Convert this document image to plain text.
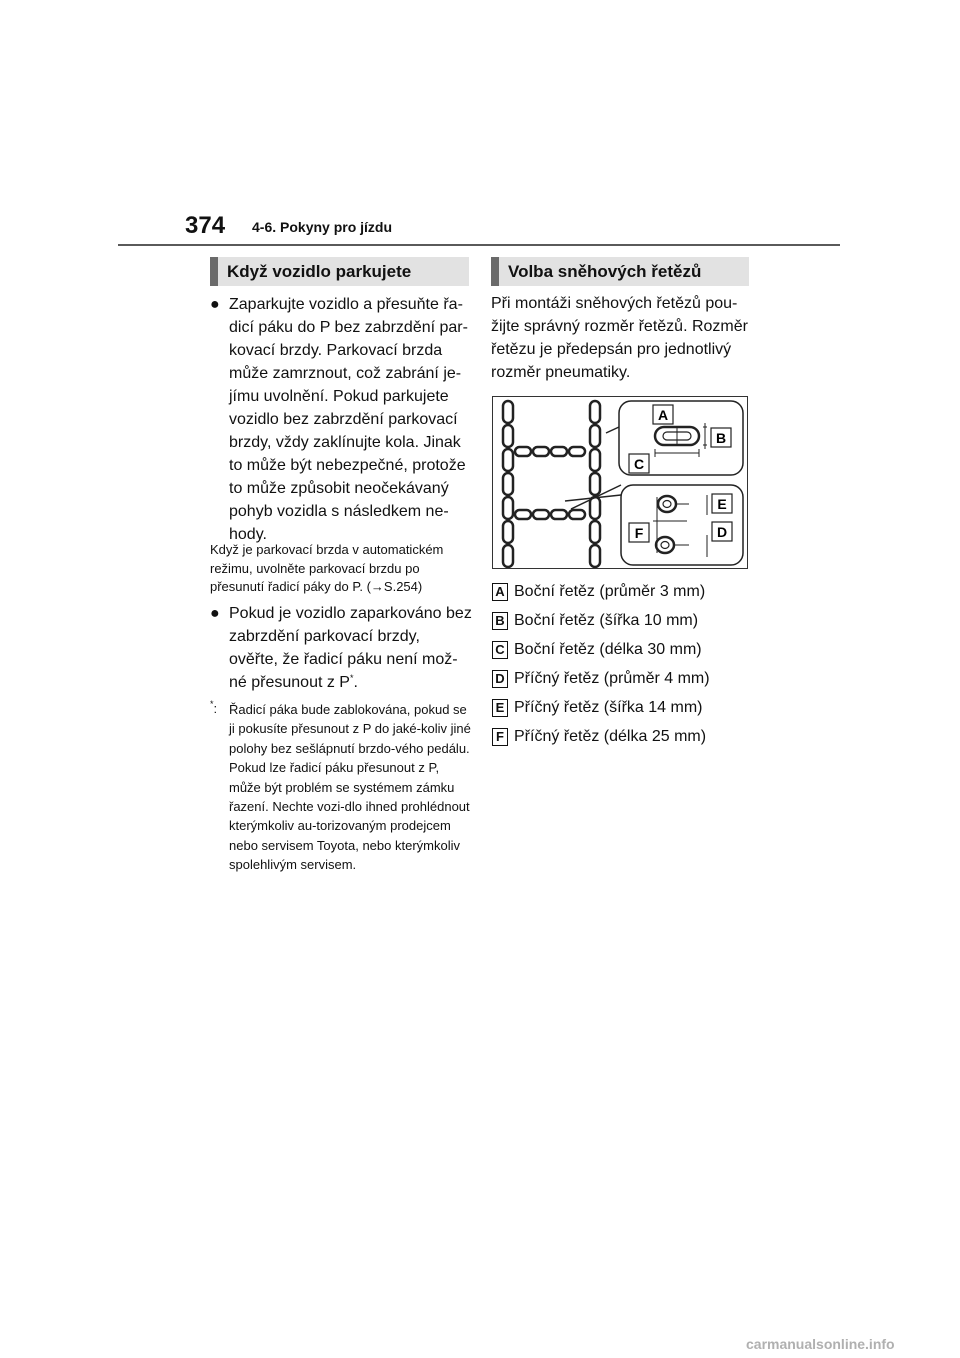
374 4-6. Pokyny pro jízdu
Když vozidlo parkujete
● Zaparkujte vozidlo a přesuňte řa-dicí páku do P bez zabrzdění par-kovací brzdy. Parkovací brzda může zamrznout, což zabrání je-jímu uvolnění. Pokud parkujete vozidlo bez zabrzdění parkovací brzdy, vždy zaklínujte kola. Jinak to může být nebezpečné, protože to může způsobit neočekávaný pohyb vozidla s následkem ne-hody.
Když je parkovací brzda v automatickém režimu, uvolněte parkovací brzdu po přesunutí řadicí páky do P. (→S.254)
● Pokud je vozidlo zaparkováno bez zabrzdění parkovací brzdy, ověřte, že řadicí páku není mož-né přesunout z P*.
*: Řadicí páka bude zablokována, pokud se ji pokusíte přesunout z P do jaké-koliv jiné polohy bez sešlápnutí brzdo-vého pedálu. Pokud lze řadicí páku přesunout z P, může být problém se systémem zámku řazení. Nechte vozi-dlo ihned prohlédnout kterýmkoliv au-torizovaným prodejcem nebo servisem Toyota, nebo kterýmkoliv spolehlivým servisem.
Volba sněhových řetězů
Při montáži sněhových řetězů pou-žijte správný rozměr řetězů. Rozměr řetězu je předepsán pro jednotlivý rozměr pneumatiky.
A
B
C
E
F	D
A Boční řetěz (průměr 3 mm)
B Boční řetěz (šířka 10 mm)
C Boční řetěz (délka 30 mm)
D Příčný řetěz (průměr 4 mm)
E Příčný řetěz (šířka 14 mm)
F Příčný řetěz (délka 25 mm)
carmanualsonline.info
